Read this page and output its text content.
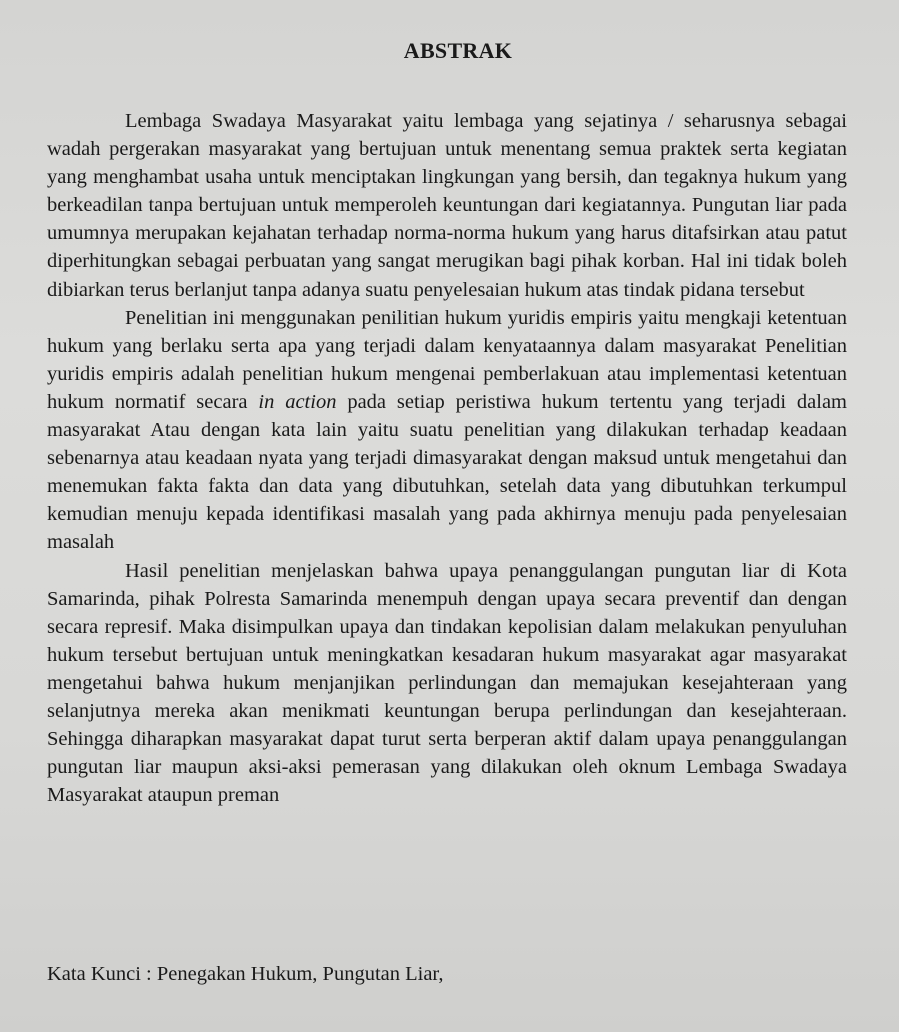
ABSTRAK

Lembaga Swadaya Masyarakat yaitu lembaga yang sejatinya / seharusnya sebagai wadah pergerakan masyarakat yang bertujuan untuk menentang semua praktek serta kegiatan yang menghambat usaha untuk menciptakan lingkungan yang bersih, dan tegaknya hukum yang berkeadilan tanpa bertujuan untuk memperoleh keuntungan dari kegiatannya. Pungutan liar pada umumnya merupakan kejahatan terhadap norma-norma hukum yang harus ditafsirkan atau patut diperhitungkan sebagai perbuatan yang sangat merugikan bagi pihak korban. Hal ini tidak boleh dibiarkan terus berlanjut tanpa adanya suatu penyelesaian hukum atas tindak pidana tersebut

Penelitian ini menggunakan penilitian hukum yuridis empiris yaitu mengkaji ketentuan hukum yang berlaku serta apa yang terjadi dalam kenyataannya dalam masyarakat Penelitian yuridis empiris adalah penelitian hukum mengenai pemberlakuan atau implementasi ketentuan hukum normatif secara in action pada setiap peristiwa hukum tertentu yang terjadi dalam masyarakat Atau dengan kata lain yaitu suatu penelitian yang dilakukan terhadap keadaan sebenarnya atau keadaan nyata yang terjadi dimasyarakat dengan maksud untuk mengetahui dan menemukan fakta fakta dan data yang dibutuhkan, setelah data yang dibutuhkan terkumpul kemudian menuju kepada identifikasi masalah yang pada akhirnya menuju pada penyelesaian masalah

Hasil penelitian menjelaskan bahwa upaya penanggulangan pungutan liar di Kota Samarinda, pihak Polresta Samarinda menempuh dengan upaya secara preventif dan dengan secara represif. Maka disimpulkan upaya dan tindakan kepolisian dalam melakukan penyuluhan hukum tersebut bertujuan untuk meningkatkan kesadaran hukum masyarakat agar masyarakat mengetahui bahwa hukum menjanjikan perlindungan dan memajukan kesejahteraan yang selanjutnya mereka akan menikmati keuntungan berupa perlindungan dan kesejahteraan. Sehingga diharapkan masyarakat dapat turut serta berperan aktif dalam upaya penanggulangan pungutan liar maupun aksi-aksi pemerasan yang dilakukan oleh oknum Lembaga Swadaya Masyarakat ataupun preman

Kata Kunci : Penegakan Hukum, Pungutan Liar,
